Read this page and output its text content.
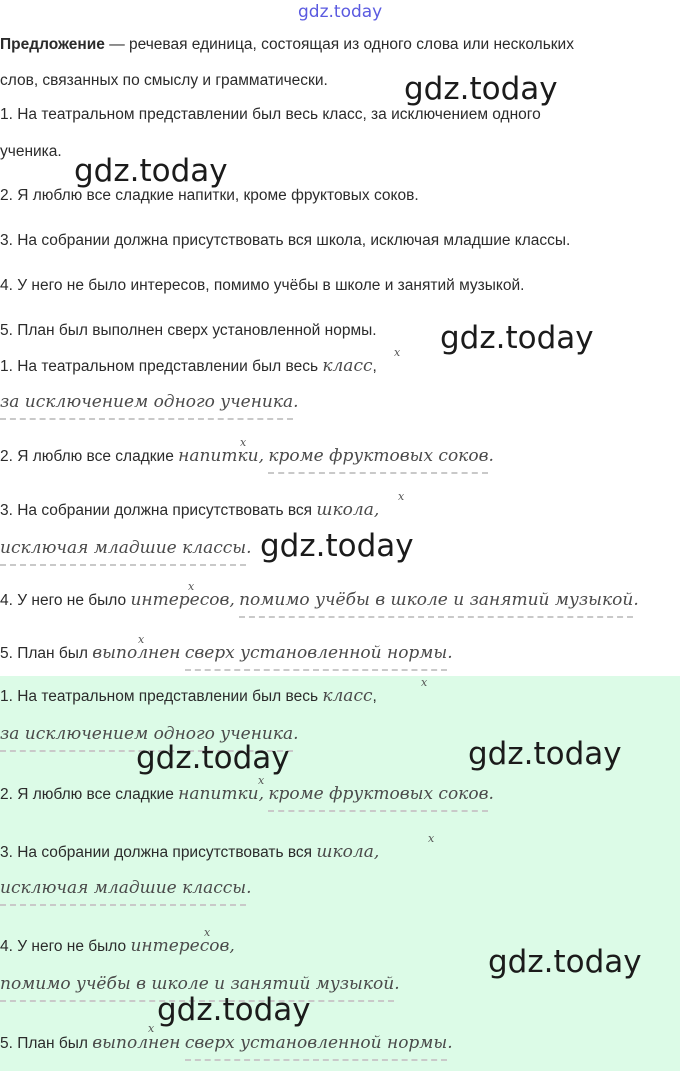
gdz.today
Предложение — речевая единица, состоящая из одного слова или нескольких
слов, связанных по смыслу и грамматически.
1. На театральном представлении был весь класс, за исключением одного
ученика.
2. Я люблю все сладкие напитки, кроме фруктовых соков.
3. На собрании должна присутствовать вся школа, исключая младшие классы.
4. У него не было интересов, помимо учёбы в школе и занятий музыкой.
5. План был выполнен сверх установленной нормы.
1. На театральном представлении был весь класс,
x
за исключением одного ученика.
2. Я люблю все сладкие напитки, кроме фруктовых соков.
x
3. На собрании должна присутствовать вся школа,
x
исключая младшие классы.
4. У него не было интересов, помимо учёбы в школе и занятий музыкой.
x
5. План был выполнен сверх установленной нормы.
x
1. На театральном представлении был весь класс,
x
за исключением одного ученика.
2. Я люблю все сладкие напитки, кроме фруктовых соков.
x
3. На собрании должна присутствовать вся школа,
x
исключая младшие классы.
4. У него не было интересов,
x
помимо учёбы в школе и занятий музыкой.
5. План был выполнен сверх установленной нормы.
x
gdz.today
gdz.today
gdz.today
gdz.today
gdz.today	gdz.today
gdz.today
gdz.today
